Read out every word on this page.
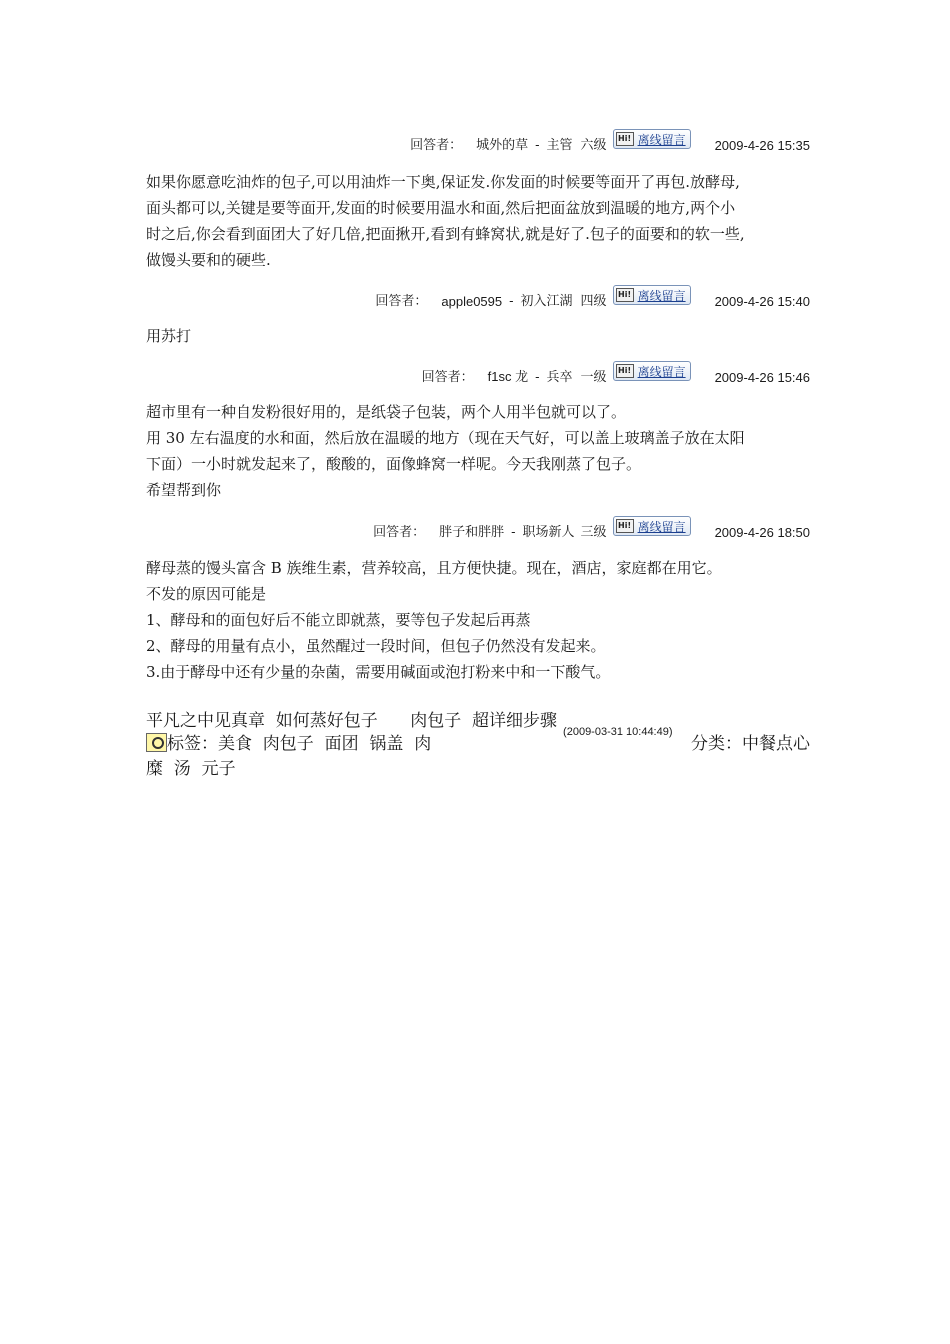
回答者： 城外的草 - 主管 六级	Hi! 离线留言	2009-4-26 15:35

如果你愿意吃油炸的包子,可以用油炸一下奥,保证发.你发面的时候要等面开了再包.放酵母,

面头都可以,关键是要等面开,发面的时候要用温水和面,然后把面盆放到温暖的地方,两个小

时之后,你会看到面团大了好几倍,把面揪开,看到有蜂窝状,就是好了.包子的面要和的软一些,

做馒头要和的硬些.

回答者： apple0595 - 初入江湖 四级	Hi! 离线留言	2009-4-26 15:40

用苏打

回答者： f1sc 龙 - 兵卒 一级	Hi! 离线留言	2009-4-26 15:46

超市里有一种自发粉很好用的，是纸袋子包装，两个人用半包就可以了。

用 30 左右温度的水和面，然后放在温暖的地方（现在天气好，可以盖上玻璃盖子放在太阳

下面）一小时就发起来了，酸酸的，面像蜂窝一样呢。今天我刚蒸了包子。

希望帮到你

回答者： 胖子和胖胖 - 职场新人 三级	Hi! 离线留言	2009-4-26 18:50

酵母蒸的馒头富含 B 族维生素，营养较高，且方便快捷。现在，酒店，家庭都在用它。

不发的原因可能是

1、酵母和的面包好后不能立即就蒸，要等包子发起后再蒸

2、酵母的用量有点小，虽然醒过一段时间，但包子仍然没有发起来。

3.由于酵母中还有少量的杂菌，需要用碱面或泡打粉来中和一下酸气。

平凡之中见真章  如何蒸好包子      肉包子  超详细步骤$_{(2009-03-31 10:44:49)}$
标签：美食  肉包子  面团  锅盖  肉
糜  汤  元子
分类：中餐点心
